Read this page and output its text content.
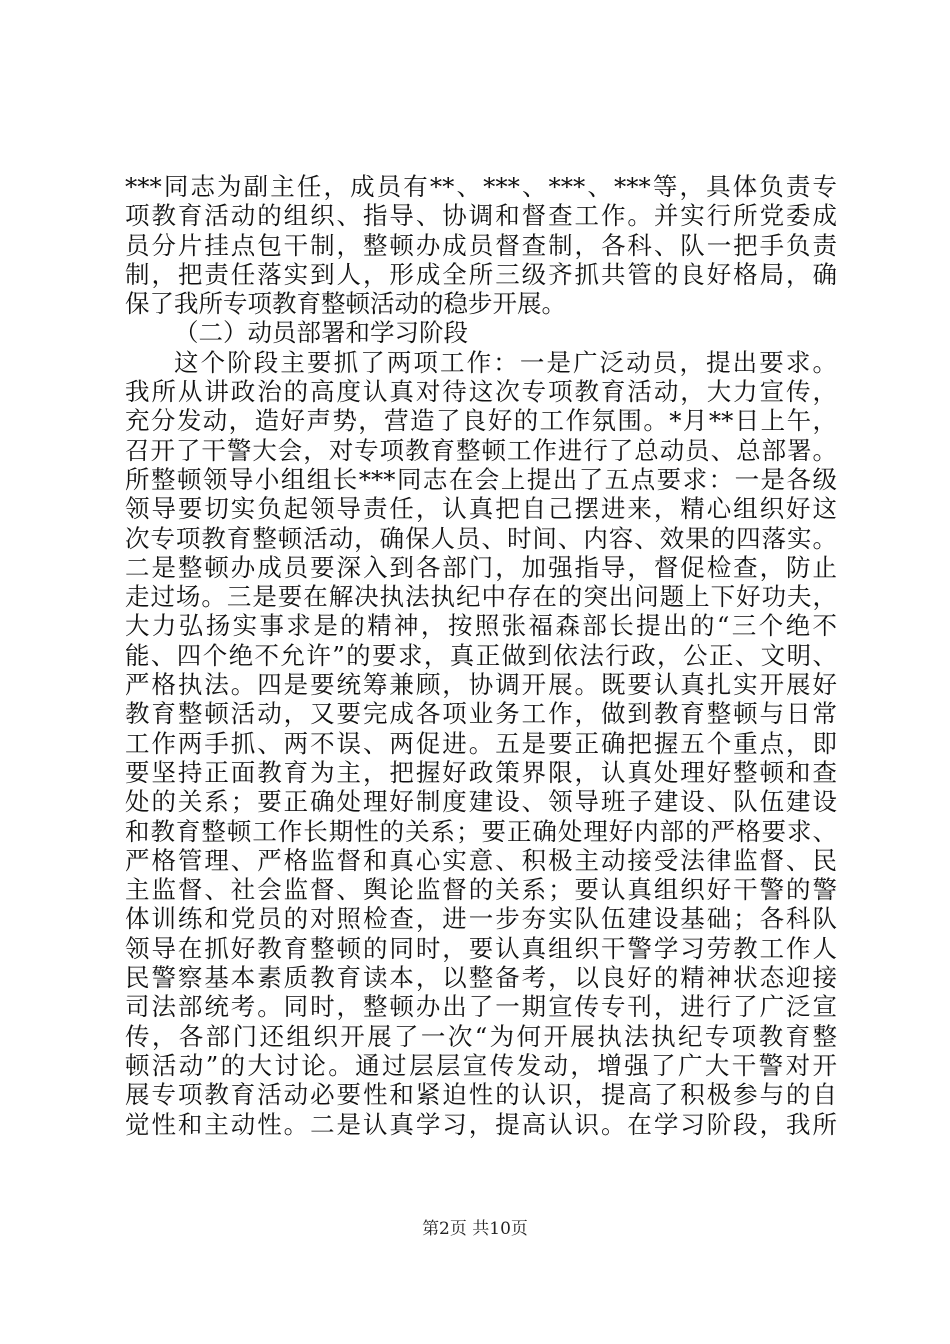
***同志为副主任，成员有**、***、***、***等，具体负责专
项教育活动的组织、指导、协调和督查工作。并实行所党委成
员分片挂点包干制，整顿办成员督查制，各科、队一把手负责
制，把责任落实到人，形成全所三级齐抓共管的良好格局，确
保了我所专项教育整顿活动的稳步开展。
（二）动员部署和学习阶段
这个阶段主要抓了两项工作：一是广泛动员，提出要求。
我所从讲政治的高度认真对待这次专项教育活动，大力宣传，
充分发动，造好声势，营造了良好的工作氛围。*月**日上午，
召开了干警大会，对专项教育整顿工作进行了总动员、总部署。
所整顿领导小组组长***同志在会上提出了五点要求：一是各级
领导要切实负起领导责任，认真把自己摆进来，精心组织好这
次专项教育整顿活动，确保人员、时间、内容、效果的四落实。
二是整顿办成员要深入到各部门，加强指导，督促检查，防止
走过场。三是要在解决执法执纪中存在的突出问题上下好功夫，
大力弘扬实事求是的精神，按照张福森部长提出的“三个绝不
能、四个绝不允许”的要求，真正做到依法行政，公正、文明、
严格执法。四是要统筹兼顾，协调开展。既要认真扎实开展好
教育整顿活动，又要完成各项业务工作，做到教育整顿与日常
工作两手抓、两不误、两促进。五是要正确把握五个重点，即
要坚持正面教育为主，把握好政策界限，认真处理好整顿和查
处的关系；要正确处理好制度建设、领导班子建设、队伍建设
和教育整顿工作长期性的关系；要正确处理好内部的严格要求、
严格管理、严格监督和真心实意、积极主动接受法律监督、民
主监督、社会监督、舆论监督的关系；要认真组织好干警的警
体训练和党员的对照检查，进一步夯实队伍建设基础；各科队
领导在抓好教育整顿的同时，要认真组织干警学习劳教工作人
民警察基本素质教育读本，以整备考，以良好的精神状态迎接
司法部统考。同时，整顿办出了一期宣传专刊，进行了广泛宣
传，各部门还组织开展了一次“为何开展执法执纪专项教育整
顿活动”的大讨论。通过层层宣传发动，增强了广大干警对开
展专项教育活动必要性和紧迫性的认识，提高了积极参与的自
觉性和主动性。二是认真学习，提高认识。在学习阶段，我所
第2页 共10页
